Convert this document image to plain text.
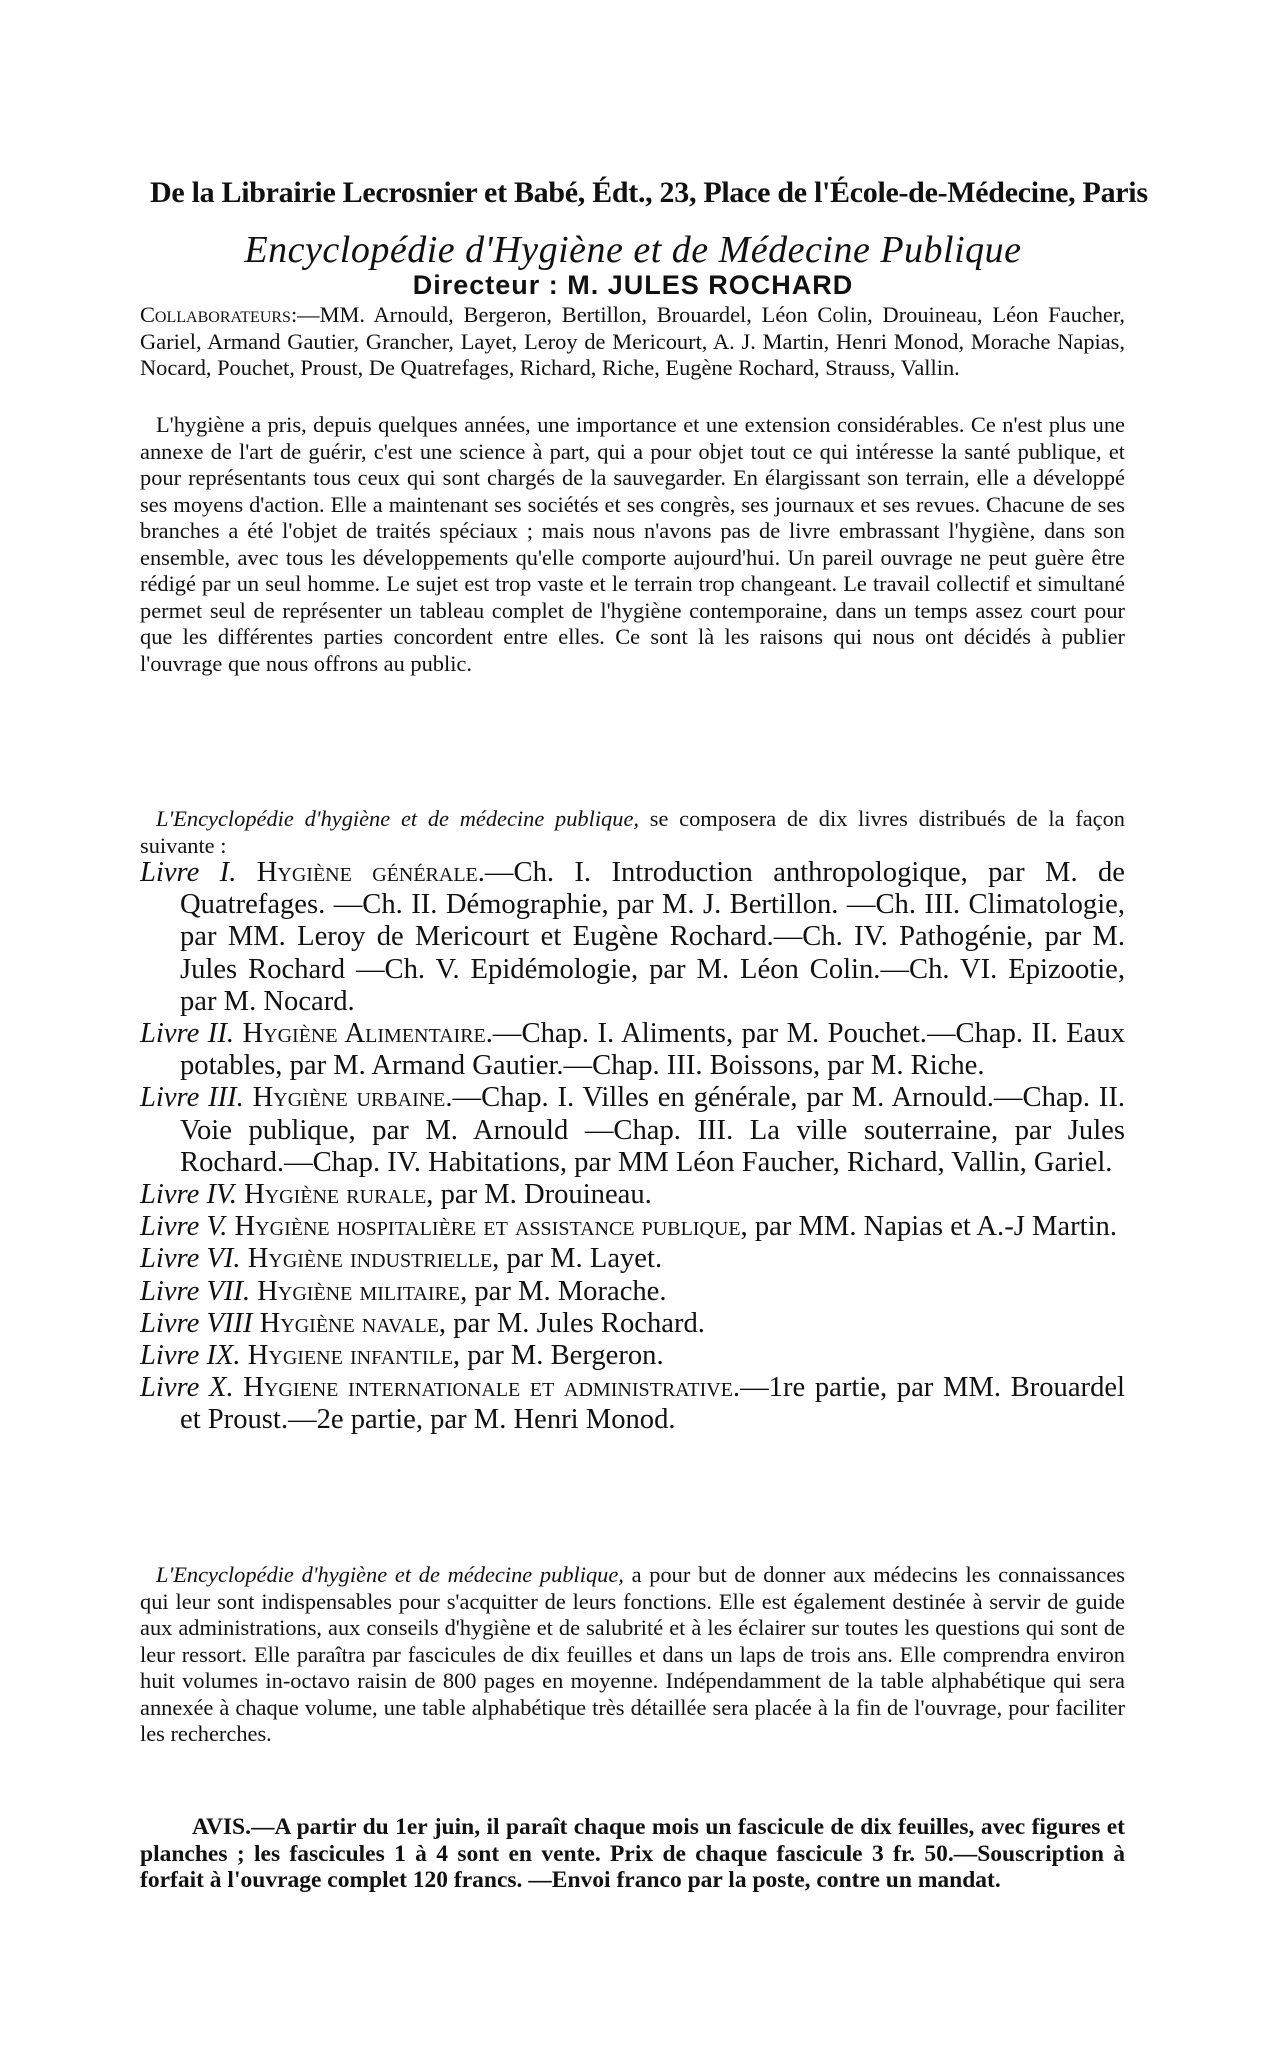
De la Librairie Lecrosnier et Babé, Édt., 23, Place de l'École-de-Médecine, Paris
Encyclopédie d'Hygiène et de Médecine Publique
Directeur : M. JULES ROCHARD

Collaborateurs:—MM. Arnould, Bergeron, Bertillon, Brouardel, Léon Colin, Drouineau, Léon Faucher, Gariel, Armand Gautier, Grancher, Layet, Leroy de Mericourt, A. J. Martin, Henri Monod, Morache Napias, Nocard, Pouchet, Proust, De Quatrefages, Richard, Riche, Eugène Rochard, Strauss, Vallin.

L'hygiène a pris, depuis quelques années, une importance et une extension considérables. Ce n'est plus une annexe de l'art de guérir, c'est une science à part, qui a pour objet tout ce qui intéresse la santé publique, et pour représentants tous ceux qui sont chargés de la sauvegarder. En élargissant son terrain, elle a développé ses moyens d'action. Elle a maintenant ses sociétés et ses congrès, ses journaux et ses revues. Chacune de ses branches a été l'objet de traités spéciaux ; mais nous n'avons pas de livre embrassant l'hygiène, dans son ensemble, avec tous les développements qu'elle comporte aujourd'hui. Un pareil ouvrage ne peut guère être rédigé par un seul homme. Le sujet est trop vaste et le terrain trop changeant. Le travail collectif et simultané permet seul de représenter un tableau complet de l'hygiène contemporaine, dans un temps assez court pour que les différentes parties concordent entre elles. Ce sont là les raisons qui nous ont décidés à publier l'ouvrage que nous offrons au public.

L'Encyclopédie d'hygiène et de médecine publique, se composera de dix livres distribués de la façon suivante :

Livre I. Hygiène générale.—Ch. I. Introduction anthropologique, par M. de Quatrefages. —Ch. II. Démographie, par M. J. Bertillon. —Ch. III. Climatologie, par MM. Leroy de Mericourt et Eugène Rochard.—Ch. IV. Pathogénie, par M. Jules Rochard —Ch. V. Epidémologie, par M. Léon Colin.—Ch. VI. Epizootie, par M. Nocard.
Livre II. Hygiène Alimentaire.—Chap. I. Aliments, par M. Pouchet.—Chap. II. Eaux potables, par M. Armand Gautier.—Chap. III. Boissons, par M. Riche.
Livre III. Hygiène urbaine.—Chap. I. Villes en générale, par M. Arnould.—Chap. II. Voie publique, par M. Arnould —Chap. III. La ville souterraine, par Jules Rochard.—Chap. IV. Habitations, par MM Léon Faucher, Richard, Vallin, Gariel.
Livre IV. Hygiène rurale, par M. Drouineau.
Livre V. Hygiène hospitalière et assistance publique, par MM. Napias et A.-J Martin.
Livre VI. Hygiène industrielle, par M. Layet.
Livre VII. Hygiène militaire, par M. Morache.
Livre VIII Hygiène navale, par M. Jules Rochard.
Livre IX. Hygiene infantile, par M. Bergeron.
Livre X. Hygiene internationale et administrative.—1re partie, par MM. Brouardel et Proust.—2e partie, par M. Henri Monod.

L'Encyclopédie d'hygiène et de médecine publique, a pour but de donner aux médecins les connaissances qui leur sont indispensables pour s'acquitter de leurs fonctions. Elle est également destinée à servir de guide aux administrations, aux conseils d'hygiène et de salubrité et à les éclairer sur toutes les questions qui sont de leur ressort. Elle paraîtra par fascicules de dix feuilles et dans un laps de trois ans. Elle comprendra environ huit volumes in-octavo raisin de 800 pages en moyenne. Indépendamment de la table alphabétique qui sera annexée à chaque volume, une table alphabétique très détaillée sera placée à la fin de l'ouvrage, pour faciliter les recherches.

AVIS.—A partir du 1er juin, il paraît chaque mois un fascicule de dix feuilles, avec figures et planches ; les fascicules 1 à 4 sont en vente. Prix de chaque fascicule 3 fr. 50.—Souscription à forfait à l'ouvrage complet 120 francs. —Envoi franco par la poste, contre un mandat.
